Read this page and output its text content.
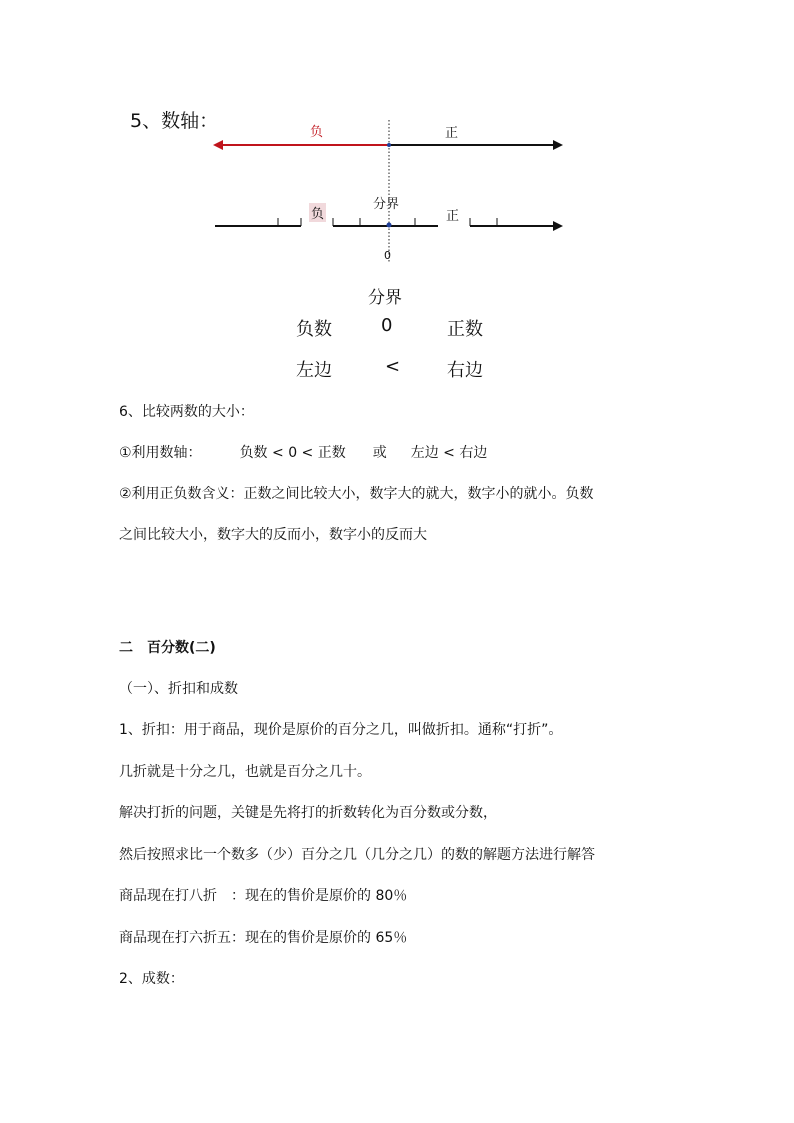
5、数轴：
负	正
分界
负	正
0
分界
负数	0	正数
左边	<	右边
6、比较两数的大小：
①利用数轴：	负数 < 0 < 正数 或 左边 < 右边
②利用正负数含义：正数之间比较大小，数字大的就大，数字小的就小。负数
之间比较大小，数字大的反而小，数字小的反而大
二　百分数(二)
（一）、折扣和成数
1、折扣：用于商品，现价是原价的百分之几，叫做折扣。通称“打折”。
几折就是十分之几，也就是百分之几十。
解决打折的问题，关键是先将打的折数转化为百分数或分数，
然后按照求比一个数多（少）百分之几（几分之几）的数的解题方法进行解答
商品现在打八折　：现在的售价是原价的 80％
商品现在打六折五：现在的售价是原价的 65％
2、成数：
